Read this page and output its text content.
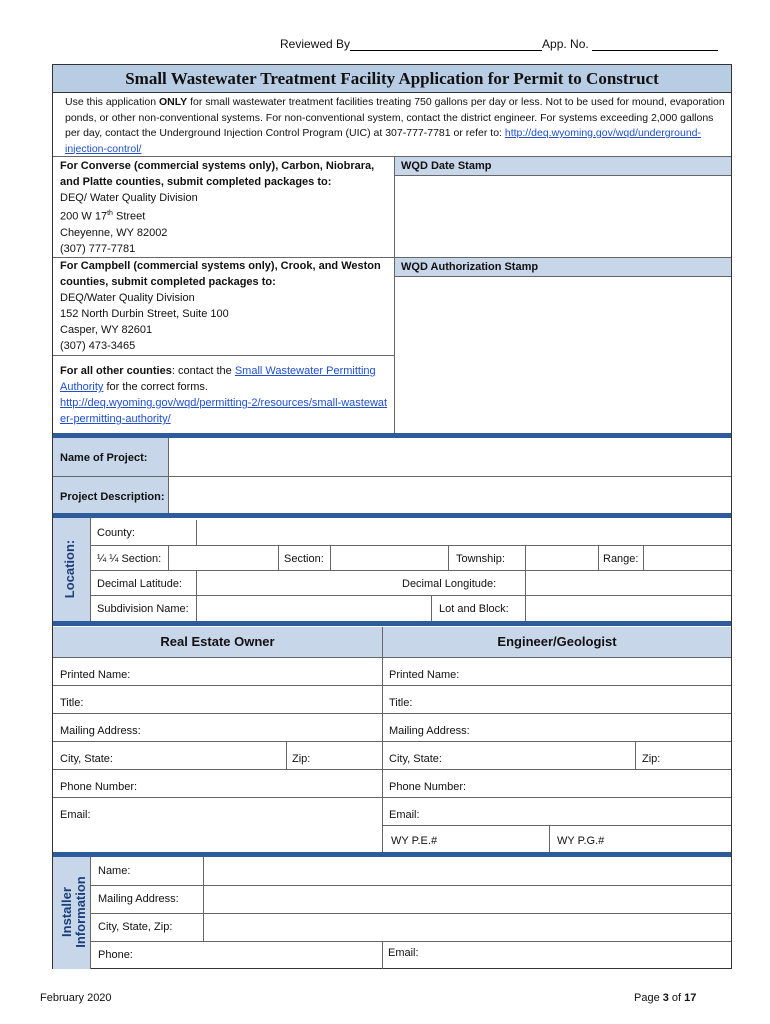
Reviewed By	App. No.
Small Wastewater Treatment Facility Application for Permit to Construct
Use this application ONLY for small wastewater treatment facilities treating 750 gallons per day or less. Not to be used for mound, evaporation ponds, or other non-conventional systems. For non-conventional system, contact the district engineer. For systems exceeding 2,000 gallons per day, contact the Underground Injection Control Program (UIC) at 307-777-7781 or refer to: http://deq.wyoming.gov/wqd/underground-injection-control/
For Converse (commercial systems only), Carbon, Niobrara, and Platte counties, submit completed packages to:
DEQ/ Water Quality Division
200 W 17th Street
Cheyenne, WY 82002
(307) 777-7781
WQD Date Stamp
For Campbell (commercial systems only), Crook, and Weston counties, submit completed packages to:
DEQ/Water Quality Division
152 North Durbin Street, Suite 100
Casper, WY 82601
(307) 473-3465
WQD Authorization Stamp
For all other counties: contact the Small Wastewater Permitting Authority for the correct forms.
http://deq.wyoming.gov/wqd/permitting-2/resources/small-wastewater-permitting-authority/
Name of Project:
Project Description:
Location:
County:
¼ ¼ Section:	Section:	Township:	Range:
Decimal Latitude:	Decimal Longitude:
Subdivision Name:	Lot and Block:
Real Estate Owner	Engineer/Geologist
Printed Name:	Printed Name:
Title:	Title:
Mailing Address:	Mailing Address:
City, State:	Zip:	City, State:	Zip:
Phone Number:	Phone Number:
Email:	Email:
WY P.E.#	WY P.G.#
Installer Information
Name:
Mailing Address:
City, State, Zip:
Phone:	Email:
February 2020	Page 3 of 17
